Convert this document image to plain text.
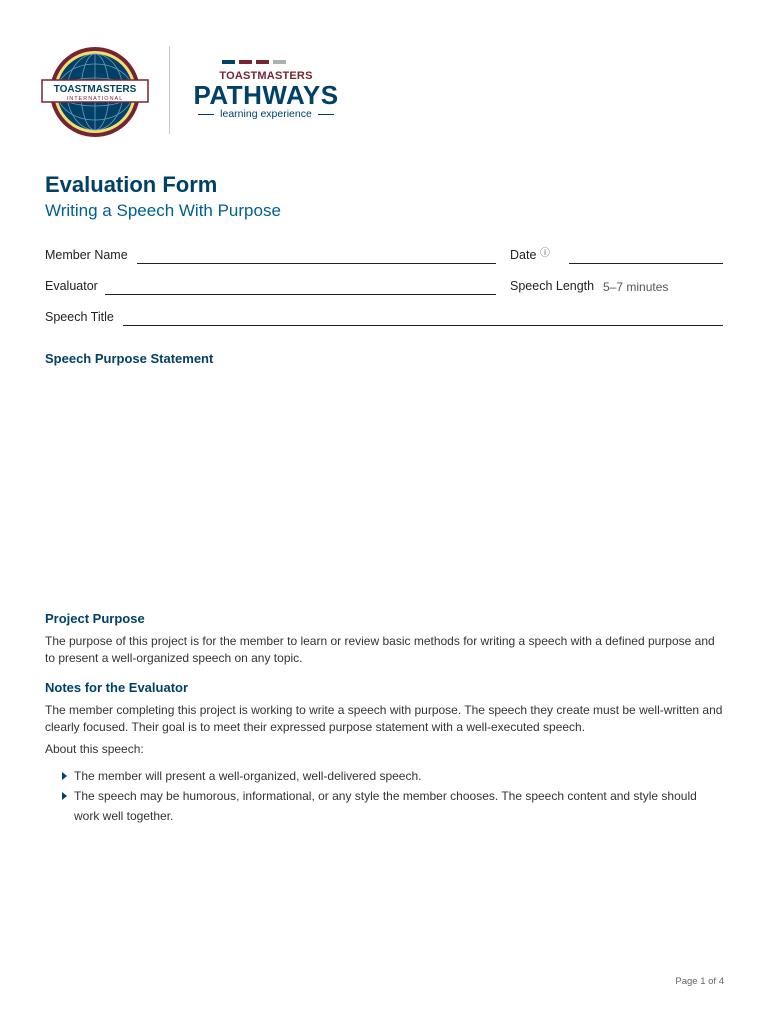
TOASTMASTERS
INTERNATIONAL
TOASTMASTERS
PATHWAYS
learning experience
Evaluation Form
Writing a Speech With Purpose
Member Name	Date ⓘ
Evaluator	Speech Length 5–7 minutes
Speech Title
Speech Purpose Statement
Project Purpose
The purpose of this project is for the member to learn or review basic methods for writing a speech with a defined purpose and to present a well-organized speech on any topic.
Notes for the Evaluator
The member completing this project is working to write a speech with purpose. The speech they create must be well-written and clearly focused. Their goal is to meet their expressed purpose statement with a well-executed speech.
About this speech:
The member will present a well-organized, well-delivered speech.
The speech may be humorous, informational, or any style the member chooses. The speech content and style should work well together.
Page 1 of 4
